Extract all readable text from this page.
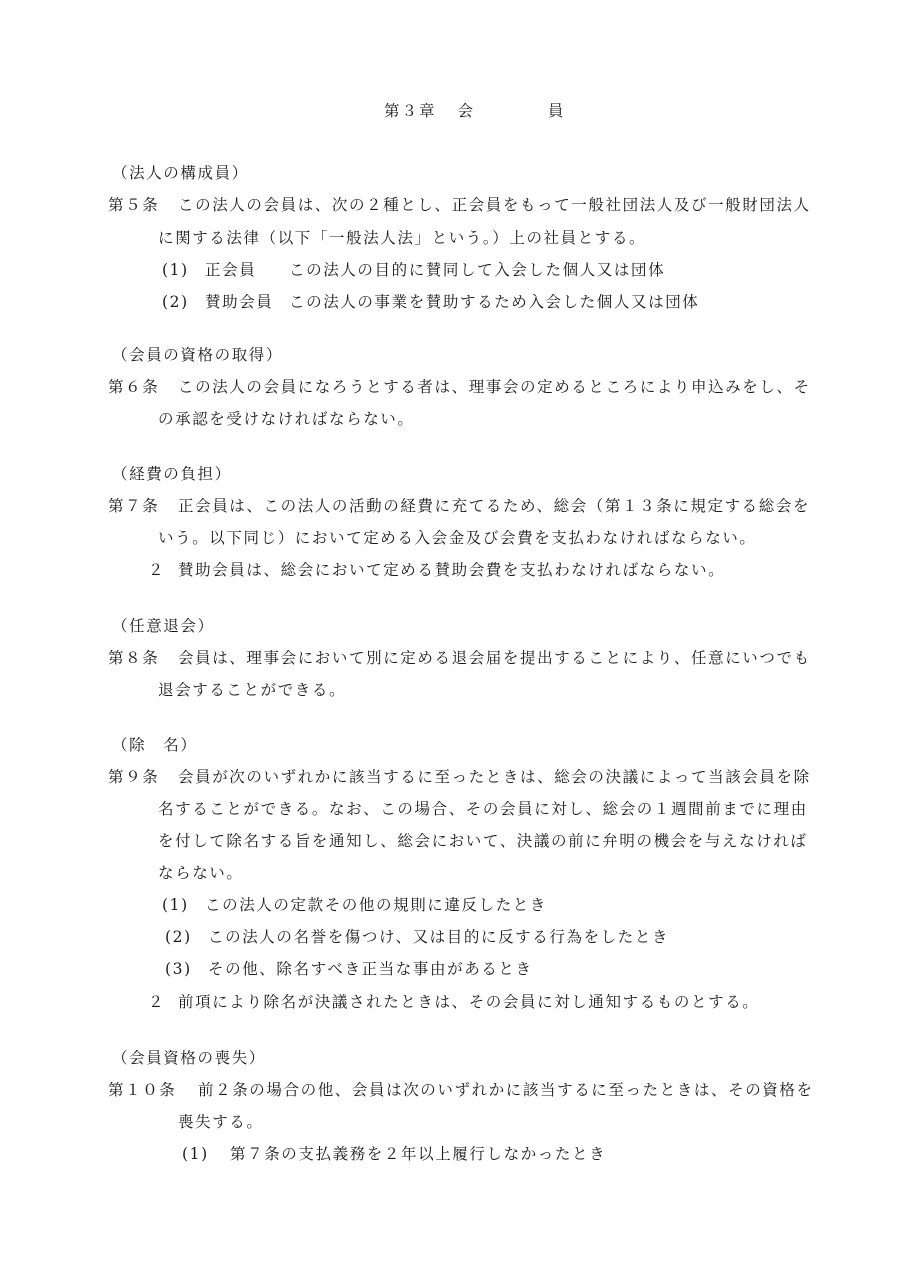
第３章 会	員
（法人の構成員）
第５条 この法人の会員は、次の２種とし、正会員をもって一般社団法人及び一般財団法人
に関する法律（以下「一般法人法」という。）上の社員とする。
(1) 正会員 この法人の目的に賛同して入会した個人又は団体
(2) 賛助会員 この法人の事業を賛助するため入会した個人又は団体
（会員の資格の取得）
第６条 この法人の会員になろうとする者は、理事会の定めるところにより申込みをし、そ
の承認を受けなければならない。
（経費の負担）
第７条 正会員は、この法人の活動の経費に充てるため、総会（第１３条に規定する総会を
いう。以下同じ）において定める入会金及び会費を支払わなければならない。
２ 賛助会員は、総会において定める賛助会費を支払わなければならない。
（任意退会）
第８条 会員は、理事会において別に定める退会届を提出することにより、任意にいつでも
退会することができる。
（除　名）
第９条 会員が次のいずれかに該当するに至ったときは、総会の決議によって当該会員を除
名することができる。なお、この場合、その会員に対し、総会の１週間前までに理由
を付して除名する旨を通知し、総会において、決議の前に弁明の機会を与えなければ
ならない。
(1) この法人の定款その他の規則に違反したとき
(2) この法人の名誉を傷つけ、又は目的に反する行為をしたとき
(3) その他、除名すべき正当な事由があるとき
２ 前項により除名が決議されたときは、その会員に対し通知するものとする。
（会員資格の喪失）
第１０条 前２条の場合の他、会員は次のいずれかに該当するに至ったときは、その資格を
喪失する。
(1) 第７条の支払義務を２年以上履行しなかったとき
